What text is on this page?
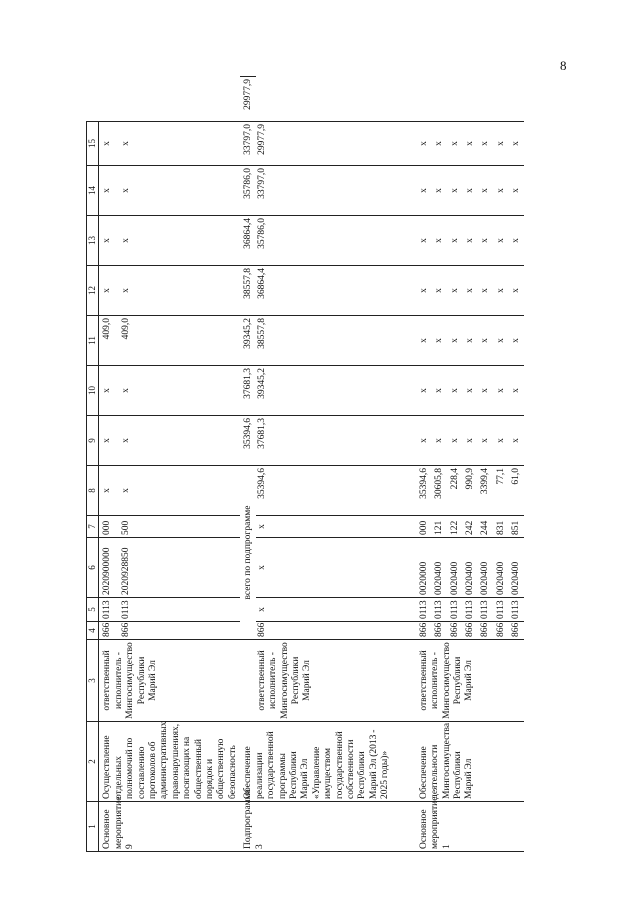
8
1	2	3	4	5	6	7	8	9	10	11	12	13	14	15	
Основное мероприятие 9	Осуществление отдельных полномочий по составлению протоколов об административных правонарушениях, посягающих на общественный порядок и общественную безопасность	ответственный исполнитель - Мингосимущество Республики Марий Эл	866	0113	2020900000	000	х	х	х	409,0	х	х	х	х	
			866	0113	2020928850	500	х	х	х	409,0	х	х	х	х	
Подпрограмма 3	Обеспечение реализации государственной программы Республики Марий Эл «Управление имуществом государственной собственности Республики Марий Эл (2013 - 2025 годы)»		всего по подпрограмме					35394,6	37681,3	39345,2	38557,8	36864,4	35786,0	33797,0	29977,9
		ответственный исполнитель - Мингосимущество Республики Марий Эл	866	х	х	х	35394,6	37681,3	39345,2	38557,8	36864,4	35786,0	33797,0	29977,9	
Основное мероприятие 1	Обеспечение деятельности Мингосимущества Республики Марий Эл	ответственный исполнитель - Мингосимущество Республики Марий Эл	866	0113	0020000	000	35394,6	х	х	х	х	х	х	х	
			866	0113	0020400	121	30605,8	х	х	х	х	х	х	х	
			866	0113	0020400	122	228,4	х	х	х	х	х	х	х	
			866	0113	0020400	242	990,9	х	х	х	х	х	х	х	
			866	0113	0020400	244	3399,4	х	х	х	х	х	х	х	
			866	0113	0020400	831	77,1	х	х	х	х	х	х	х	
			866	0113	0020400	851	61,0	х	х	х	х	х	х	х	
